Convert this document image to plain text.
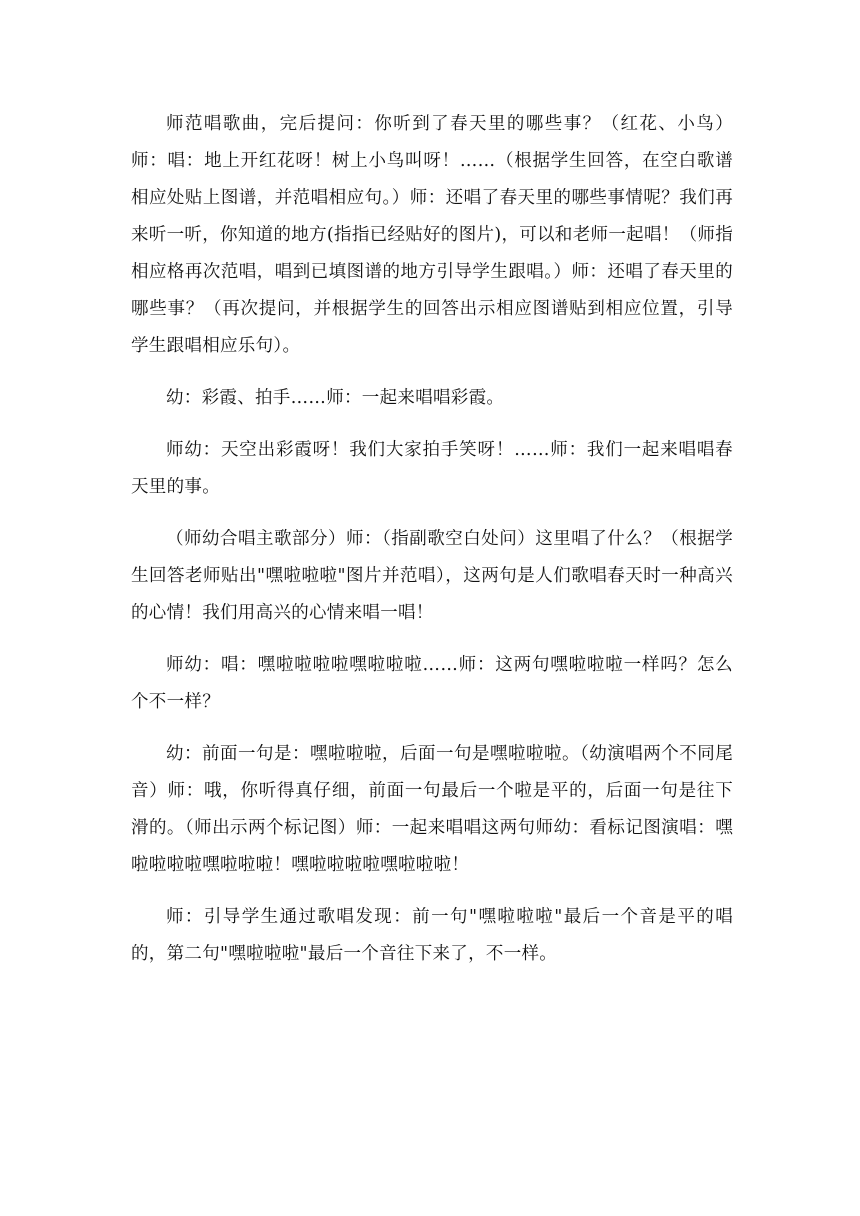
师范唱歌曲，完后提问：你听到了春天里的哪些事？（红花、小鸟）师：唱：地上开红花呀！树上小鸟叫呀！……（根据学生回答，在空白歌谱相应处贴上图谱，并范唱相应句。）师：还唱了春天里的哪些事情呢？我们再来听一听，你知道的地方(指指已经贴好的图片)，可以和老师一起唱！（师指相应格再次范唱，唱到已填图谱的地方引导学生跟唱。）师：还唱了春天里的哪些事？（再次提问，并根据学生的回答出示相应图谱贴到相应位置，引导学生跟唱相应乐句）。

幼：彩霞、拍手……师：一起来唱唱彩霞。

师幼：天空出彩霞呀！我们大家拍手笑呀！……师：我们一起来唱唱春天里的事。

（师幼合唱主歌部分）师：（指副歌空白处问）这里唱了什么？（根据学生回答老师贴出"嘿啦啦啦"图片并范唱），这两句是人们歌唱春天时一种高兴的心情！我们用高兴的心情来唱一唱！

师幼：唱：嘿啦啦啦啦嘿啦啦啦……师：这两句嘿啦啦啦一样吗？怎么个不一样？

幼：前面一句是：嘿啦啦啦，后面一句是嘿啦啦啦。（幼演唱两个不同尾音）师：哦，你听得真仔细，前面一句最后一个啦是平的，后面一句是往下滑的。（师出示两个标记图）师：一起来唱唱这两句师幼：看标记图演唱：嘿啦啦啦啦嘿啦啦啦！嘿啦啦啦啦嘿啦啦啦！

师：引导学生通过歌唱发现：前一句"嘿啦啦啦"最后一个音是平的唱的，第二句"嘿啦啦啦"最后一个音往下来了，不一样。
